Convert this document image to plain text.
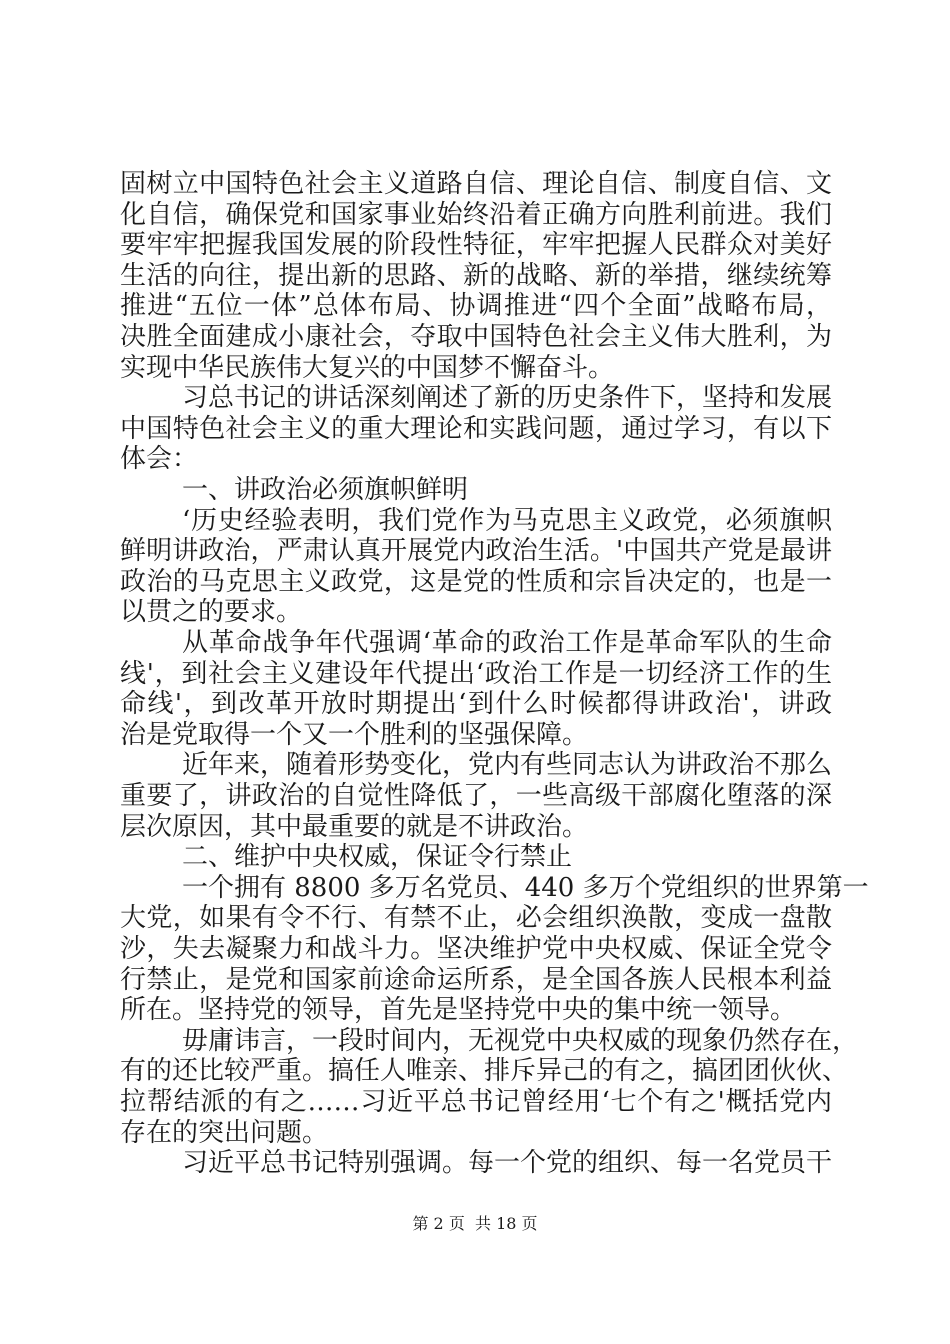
固树立中国特色社会主义道路自信、理论自信、制度自信、文
化自信，确保党和国家事业始终沿着正确方向胜利前进。我们
要牢牢把握我国发展的阶段性特征，牢牢把握人民群众对美好
生活的向往，提出新的思路、新的战略、新的举措，继续统筹
推进“五位一体”总体布局、协调推进“四个全面”战略布局，
决胜全面建成小康社会，夺取中国特色社会主义伟大胜利，为
实现中华民族伟大复兴的中国梦不懈奋斗。
习总书记的讲话深刻阐述了新的历史条件下，坚持和发展
中国特色社会主义的重大理论和实践问题，通过学习，有以下
体会：
一、讲政治必须旗帜鲜明
‘历史经验表明，我们党作为马克思主义政党，必须旗帜
鲜明讲政治，严肃认真开展党内政治生活。'中国共产党是最讲
政治的马克思主义政党，这是党的性质和宗旨决定的，也是一
以贯之的要求。
从革命战争年代强调‘革命的政治工作是革命军队的生命
线'，到社会主义建设年代提出‘政治工作是一切经济工作的生
命线'，到改革开放时期提出‘到什么时候都得讲政治'，讲政
治是党取得一个又一个胜利的坚强保障。
近年来，随着形势变化，党内有些同志认为讲政治不那么
重要了，讲政治的自觉性降低了，一些高级干部腐化堕落的深
层次原因，其中最重要的就是不讲政治。
二、维护中央权威，保证令行禁止
一个拥有 8800 多万名党员、440 多万个党组织的世界第一
大党，如果有令不行、有禁不止，必会组织涣散，变成一盘散
沙，失去凝聚力和战斗力。坚决维护党中央权威、保证全党令
行禁止，是党和国家前途命运所系，是全国各族人民根本利益
所在。坚持党的领导，首先是坚持党中央的集中统一领导。
毋庸讳言，一段时间内，无视党中央权威的现象仍然存在，
有的还比较严重。搞任人唯亲、排斥异己的有之，搞团团伙伙、
拉帮结派的有之……习近平总书记曾经用‘七个有之'概括党内
存在的突出问题。
习近平总书记特别强调。每一个党的组织、每一名党员干
第 2 页  共 18 页
